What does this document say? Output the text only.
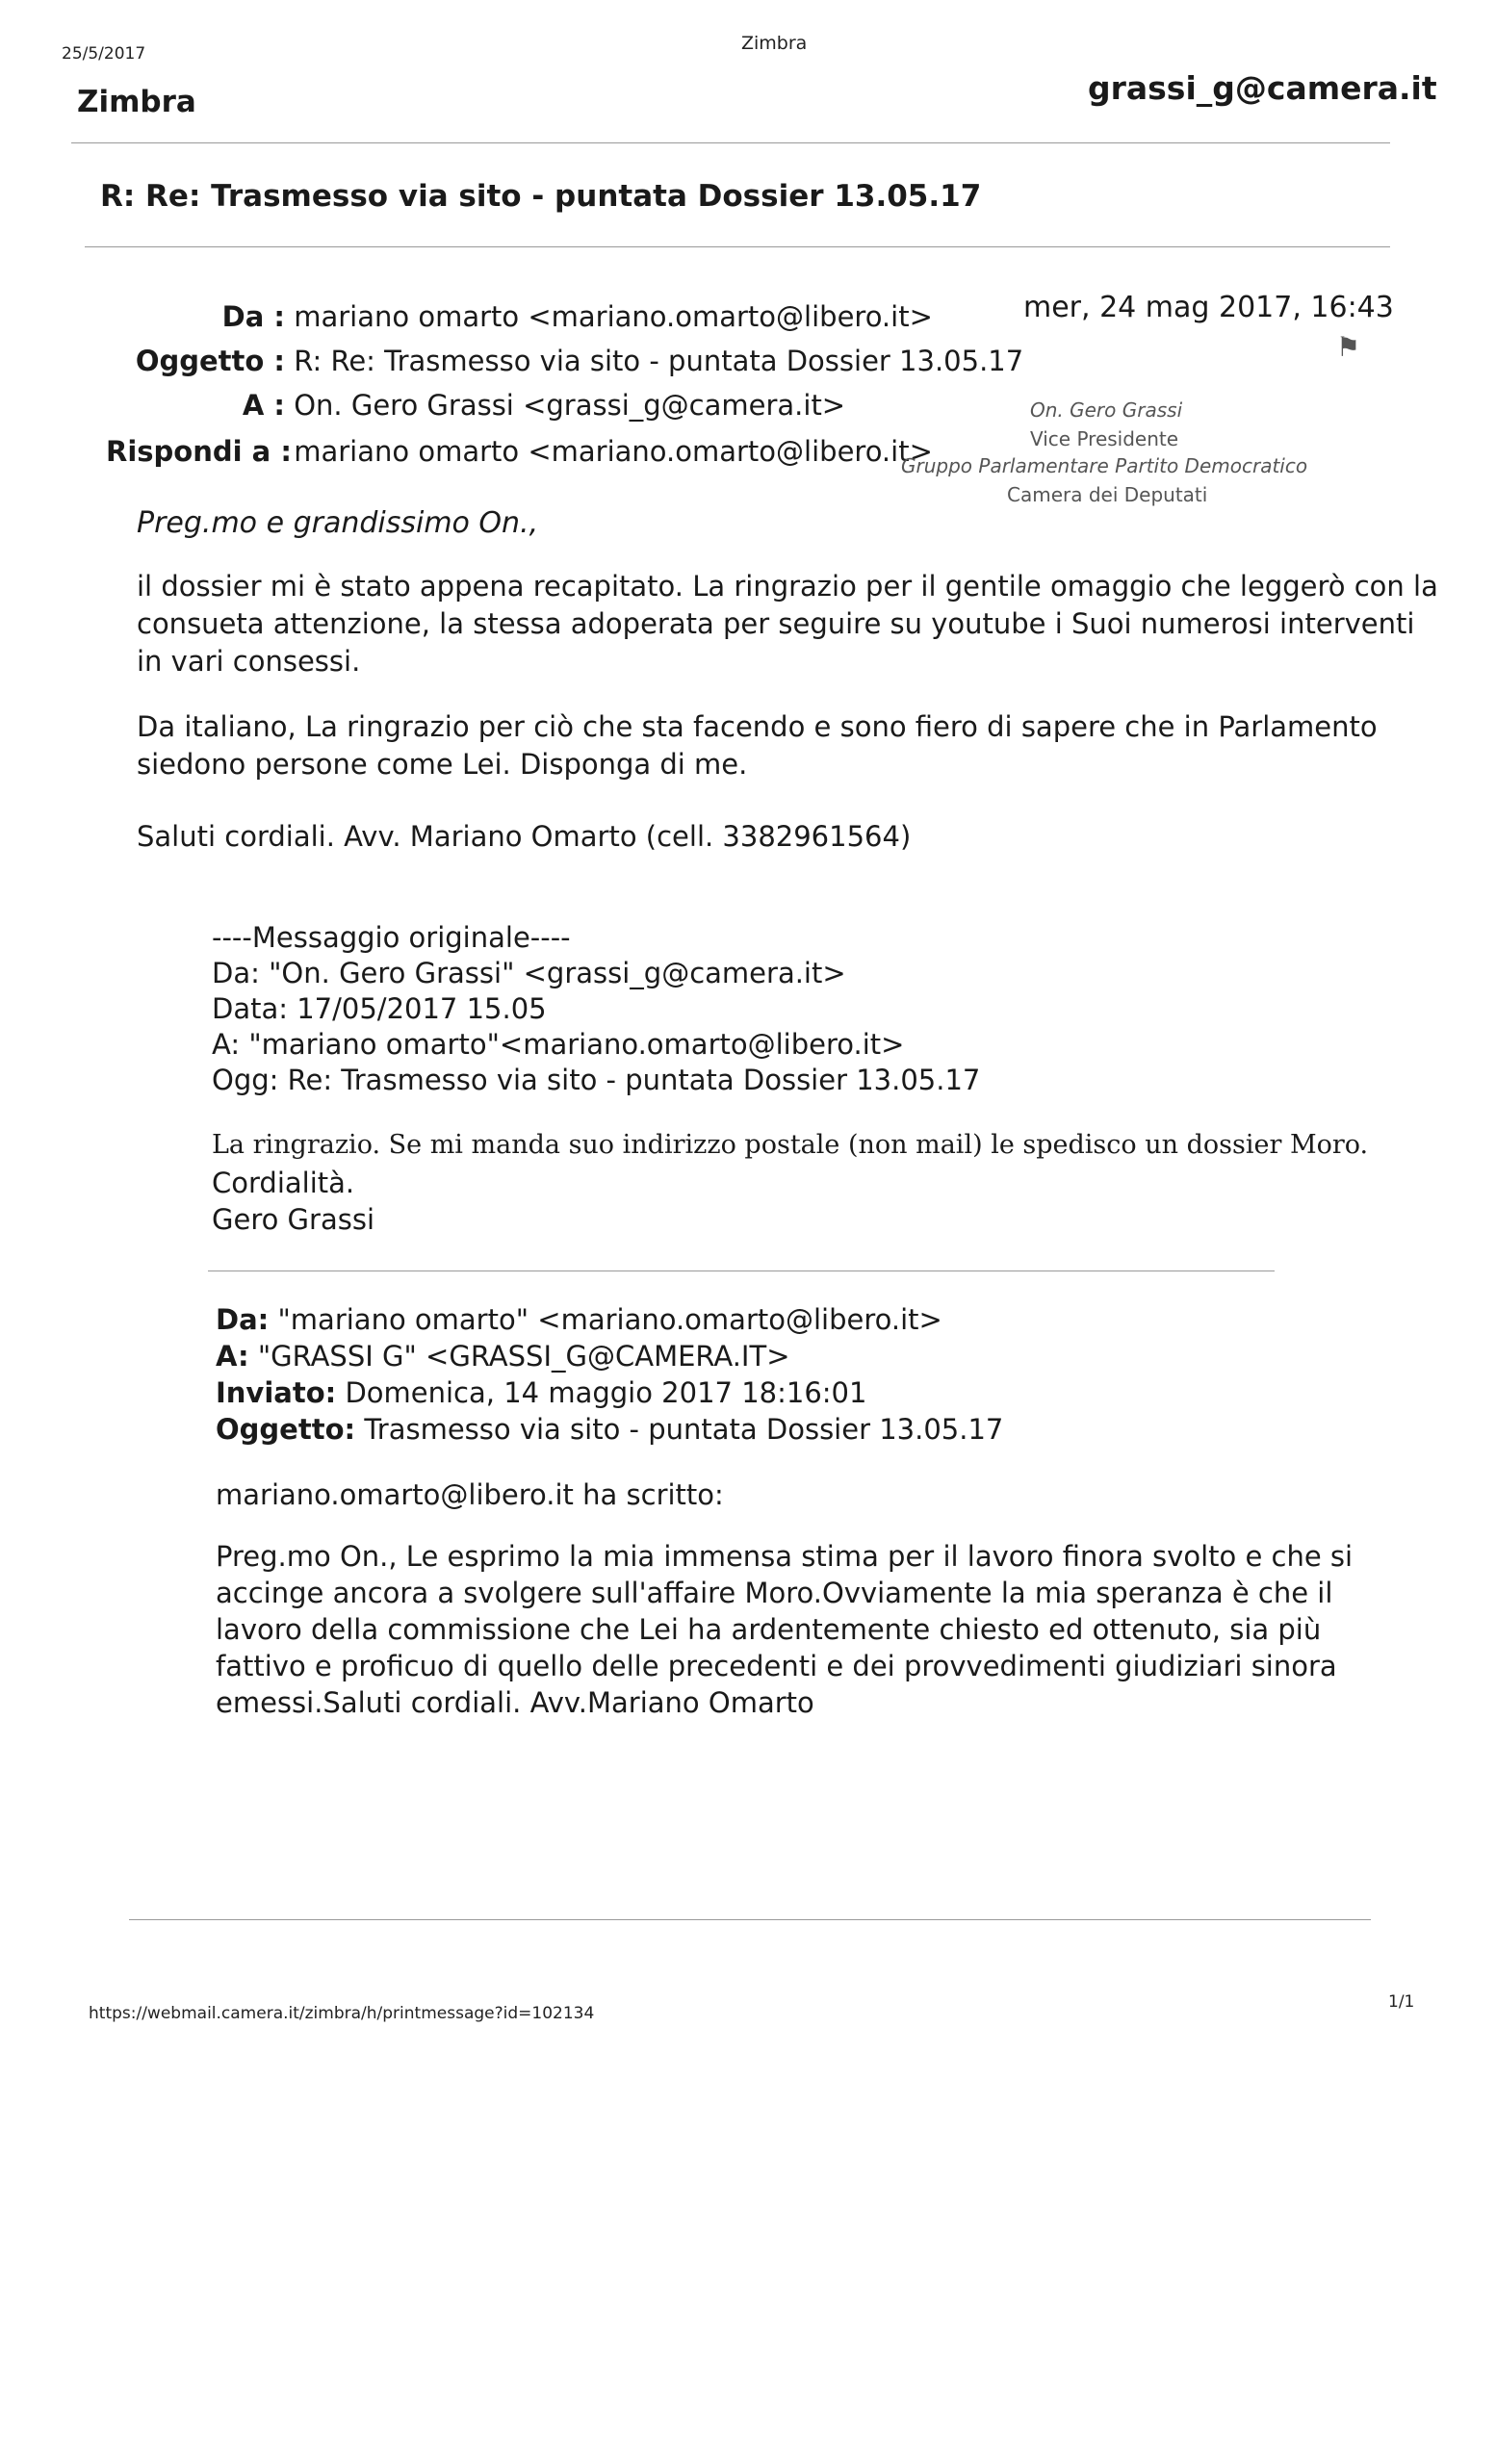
25/5/2017	Zimbra
Zimbra	grassi_g@camera.it
R: Re: Trasmesso via sito - puntata Dossier 13.05.17
Da : mariano omarto <mariano.omarto@libero.it>
Oggetto : R: Re: Trasmesso via sito - puntata Dossier 13.05.17
A : On. Gero Grassi <grassi_g@camera.it>
Rispondi a : mariano omarto <mariano.omarto@libero.it>
mer, 24 mag 2017, 16:43
⚑
On. Gero Grassi
Vice Presidente
Gruppo Parlamentare Partito Democratico
Camera dei Deputati
Preg.mo e grandissimo On.,
il dossier mi è stato appena recapitato. La ringrazio per il gentile omaggio che leggerò con la
consueta attenzione, la stessa adoperata per seguire su youtube i Suoi numerosi interventi
in vari consessi.
Da italiano, La ringrazio per ciò che sta facendo e sono fiero di sapere che in Parlamento
siedono persone come Lei. Disponga di me.
Saluti cordiali. Avv. Mariano Omarto (cell. 3382961564)
----Messaggio originale----
Da: "On. Gero Grassi" <grassi_g@camera.it>
Data: 17/05/2017 15.05
A: "mariano omarto"<mariano.omarto@libero.it>
Ogg: Re: Trasmesso via sito - puntata Dossier 13.05.17
La ringrazio. Se mi manda suo indirizzo postale (non mail) le spedisco un dossier Moro.
Cordialità.
Gero Grassi
Da: "mariano omarto" <mariano.omarto@libero.it>
A: "GRASSI G" <GRASSI_G@CAMERA.IT>
Inviato: Domenica, 14 maggio 2017 18:16:01
Oggetto: Trasmesso via sito - puntata Dossier 13.05.17
mariano.omarto@libero.it ha scritto:
Preg.mo On., Le esprimo la mia immensa stima per il lavoro finora svolto e che si
accinge ancora a svolgere sull'affaire Moro.Ovviamente la mia speranza è che il
lavoro della commissione che Lei ha ardentemente chiesto ed ottenuto, sia più
fattivo e proficuo di quello delle precedenti e dei provvedimenti giudiziari sinora
emessi.Saluti cordiali. Avv.Mariano Omarto
https://webmail.camera.it/zimbra/h/printmessage?id=102134
1/1
